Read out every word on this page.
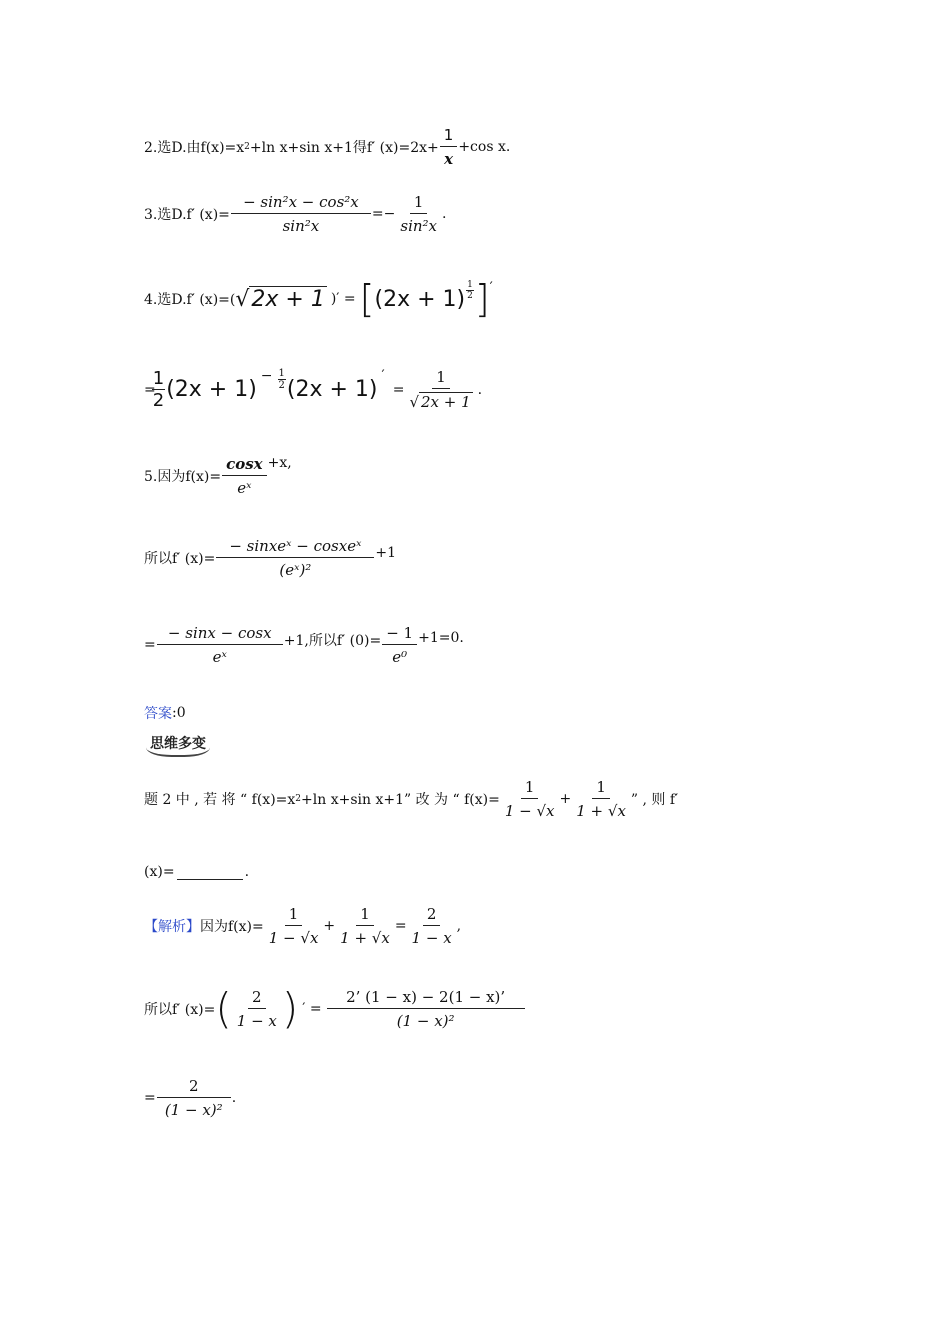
2.选D.由f(x)=x 2 +ln x+sin x+1得f′ $(x)=2x+ \frac{1}{x} +\cos$ x.
3.选D.f′ $(x)= \frac{\text{− sin²x − cos²x}}{\text{sin²x}} =- \frac{1}{\text{sin²x}}$ .
4.选D.f′ (x)=( √ 2x + 1 )′ = [ $(2x + 1) \frac{1}{2}$ ] ′
=
$\frac{1}{2} (2x + 1)$
− $\frac{1}{2} (2x + 1)$
′
= $\frac{1}{√ 2x + 1}$ .
5.因为$f(x)= \frac{\cos x}{\text{eˣ}} +x$,
所以f′ $(x)= \frac{\text{− sinxeˣ − cosxeˣ}}{\text{(eˣ)²}} +1$
= $\frac{- \sin x - \cos x}{\text{eˣ}} +1$,所以f′ $(0)= \frac{- 1}{\text{e⁰}} +1=0$.
答案 :0
思维多变
题 2 中 , 若 将 “ f(x)=x 2 +ln x+sin x+1” 改 为 “ $f(x)= \frac{1}{1 - √x} + \frac{1}{1 + √x}$ ” , 则 f′
(x)=	.
【解析】 因为$f(x)= \frac{1}{1 - √x} + \frac{1}{1 + √x} = \frac{2}{1 - x}$ ,
所以f′ (x)= ( $\frac{2}{1 - x}$ ) ′ = $\frac{2’ (1 - x) - 2(1 - x)’}{\text{(1 − x)²}}$
= $\frac{2}{\text{(1 − x)²}}$ .
